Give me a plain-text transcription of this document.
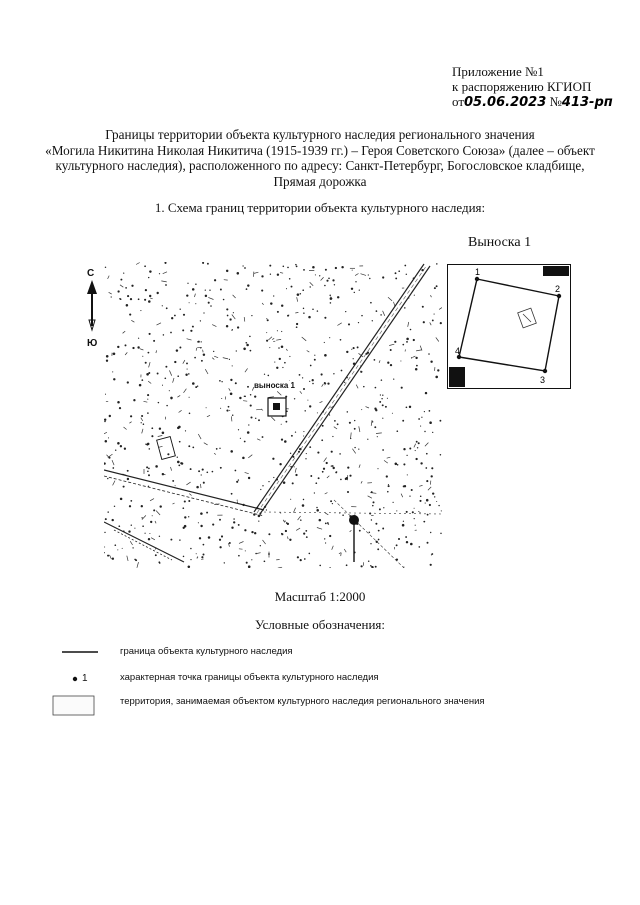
Приложение №1
к распоряжению КГИОП
от05.06.2023 №413-рп
Границы территории объекта культурного наследия регионального значения
«Могила Никитина Николая Никитича (1915-1939 гг.) – Героя Советского Союза» (далее – объект
культурного наследия), расположенного по адресу: Санкт-Петербург, Богословское кладбище,
Прямая дорожка
1. Схема границ территории объекта культурного наследия:
С
Ю
выноска 1
Выноска 1
1
2
3
4
Масштаб 1:2000
Условные обозначения:
граница объекта культурного наследия
1	характерная точка границы объекта культурного наследия
территория, занимаемая объектом культурного наследия регионального значения
